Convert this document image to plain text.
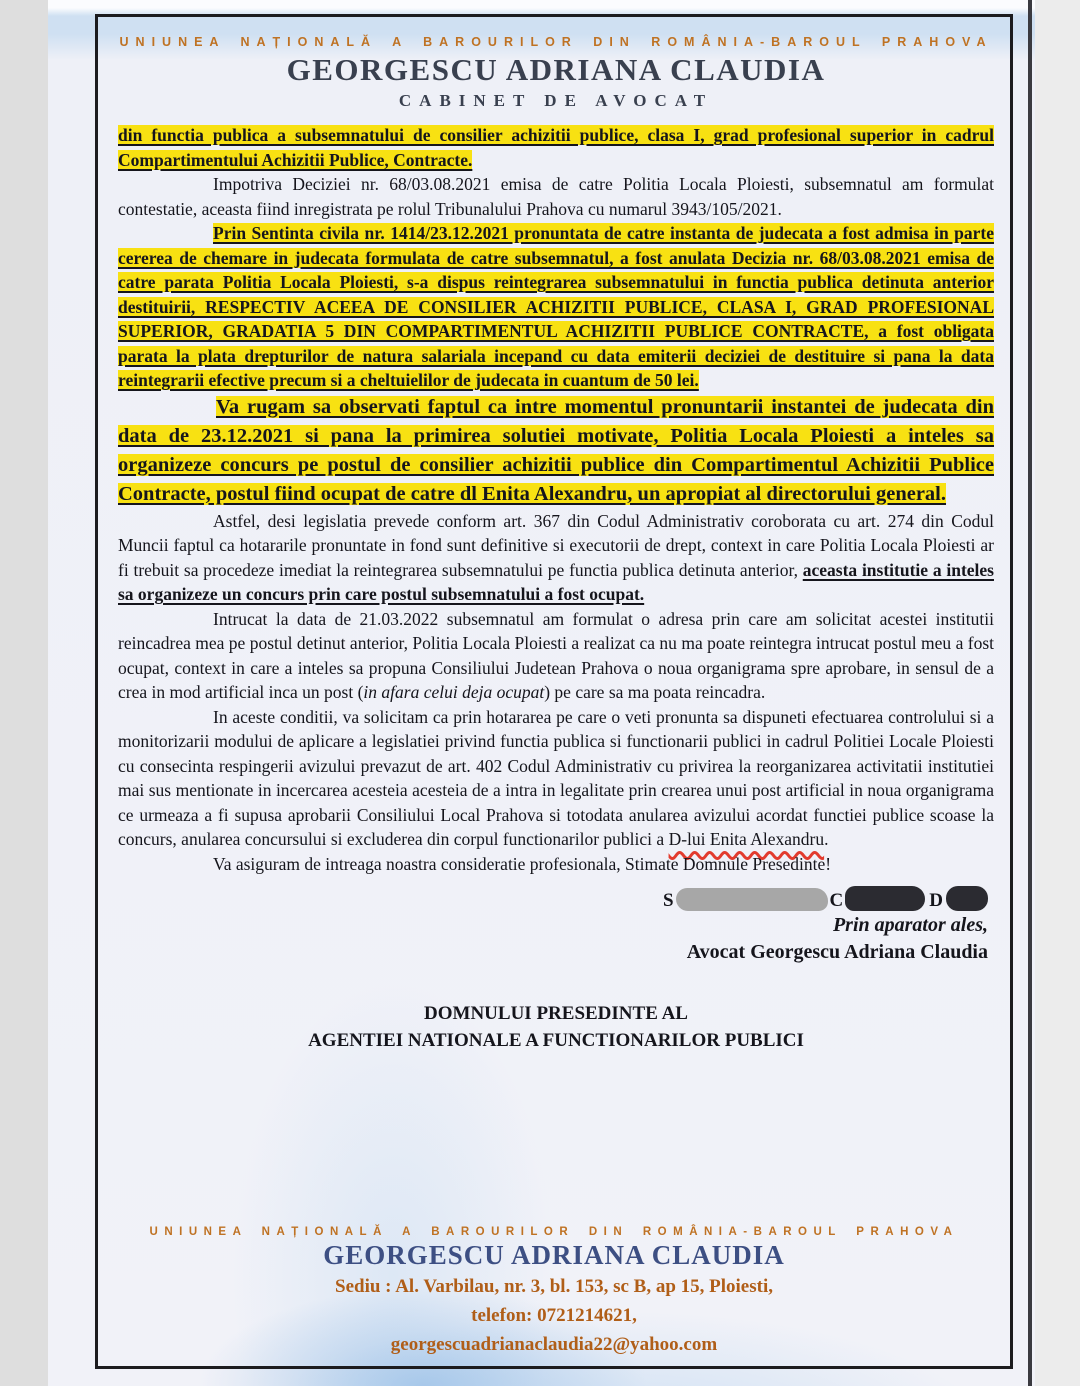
UNIUNEA NAȚIONALĂ A BAROURILOR DIN ROMÂNIA-BAROUL PRAHOVA
GEORGESCU ADRIANA CLAUDIA
CABINET DE AVOCAT

din functia publica a subsemnatului de consilier achizitii publice, clasa I, grad profesional superior in cadrul Compartimentului Achizitii Publice, Contracte.

Impotriva Deciziei nr. 68/03.08.2021 emisa de catre Politia Locala Ploiesti, subsemnatul am formulat contestatie, aceasta fiind inregistrata pe rolul Tribunalului Prahova cu numarul 3943/105/2021.

Prin Sentinta civila nr. 1414/23.12.2021 pronuntata de catre instanta de judecata a fost admisa in parte cererea de chemare in judecata formulata de catre subsemnatul, a fost anulata Decizia nr. 68/03.08.2021 emisa de catre parata Politia Locala Ploiesti, s-a dispus reintegrarea subsemnatului in functia publica detinuta anterior destituirii, RESPECTIV ACEEA DE CONSILIER ACHIZITII PUBLICE, CLASA I, GRAD PROFESIONAL SUPERIOR, GRADATIA 5 DIN COMPARTIMENTUL ACHIZITII PUBLICE CONTRACTE, a fost obligata parata la plata drepturilor de natura salariala incepand cu data emiterii deciziei de destituire si pana la data reintegrarii efective precum si a cheltuielilor de judecata in cuantum de 50 lei.

Va rugam sa observati faptul ca intre momentul pronuntarii instantei de judecata din data de 23.12.2021 si pana la primirea solutiei motivate, Politia Locala Ploiesti a inteles sa organizeze concurs pe postul de consilier achizitii publice din Compartimentul Achizitii Publice Contracte, postul fiind ocupat de catre dl Enita Alexandru, un apropiat al directorului general.

Astfel, desi legislatia prevede conform art. 367 din Codul Administrativ coroborata cu art. 274 din Codul Muncii faptul ca hotararile pronuntate in fond sunt definitive si executorii de drept, context in care Politia Locala Ploiesti ar fi trebuit sa procedeze imediat la reintegrarea subsemnatului pe functia publica detinuta anterior, aceasta institutie a inteles sa organizeze un concurs prin care postul subsemnatului a fost ocupat.

Intrucat la data de 21.03.2022 subsemnatul am formulat o adresa prin care am solicitat acestei institutii reincadrea mea pe postul detinut anterior, Politia Locala Ploiesti a realizat ca nu ma poate reintegra intrucat postul meu a fost ocupat, context in care a inteles sa propuna Consiliului Judetean Prahova o noua organigrama spre aprobare, in sensul de a crea in mod artificial inca un post (in afara celui deja ocupat) pe care sa ma poata reincadra.

In aceste conditii, va solicitam ca prin hotararea pe care o veti pronunta sa dispuneti efectuarea controlului si a monitorizarii modului de aplicare a legislatiei privind functia publica si functionarii publici in cadrul Politiei Locale Ploiesti cu consecinta respingerii avizului prevazut de art. 402 Codul Administrativ cu privirea la reorganizarea activitatii institutiei mai sus mentionate in incercarea acesteia acesteia de a intra in legalitate prin crearea unui post artificial in noua organigrama ce urmeaza a fi supusa aprobarii Consiliului Local Prahova si totodata anularea avizului acordat functiei publice scoase la concurs, anularea concursului si excluderea din corpul functionarilor publici a D-lui Enita Alexandru.

Va asiguram de intreaga noastra consideratie profesionala, Stimate Domnule Presedinte!

S	C	D
Prin aparator ales,
Avocat Georgescu Adriana Claudia
DOMNULUI PRESEDINTE AL
AGENTIEI NATIONALE A FUNCTIONARILOR PUBLICI
UNIUNEA NAȚIONALĂ A BAROURILOR DIN ROMÂNIA-BAROUL PRAHOVA
GEORGESCU ADRIANA CLAUDIA
Sediu : Al. Varbilau, nr. 3, bl. 153, sc B, ap 15, Ploiesti,
telefon: 0721214621,
georgescuadrianaclaudia22@yahoo.com
